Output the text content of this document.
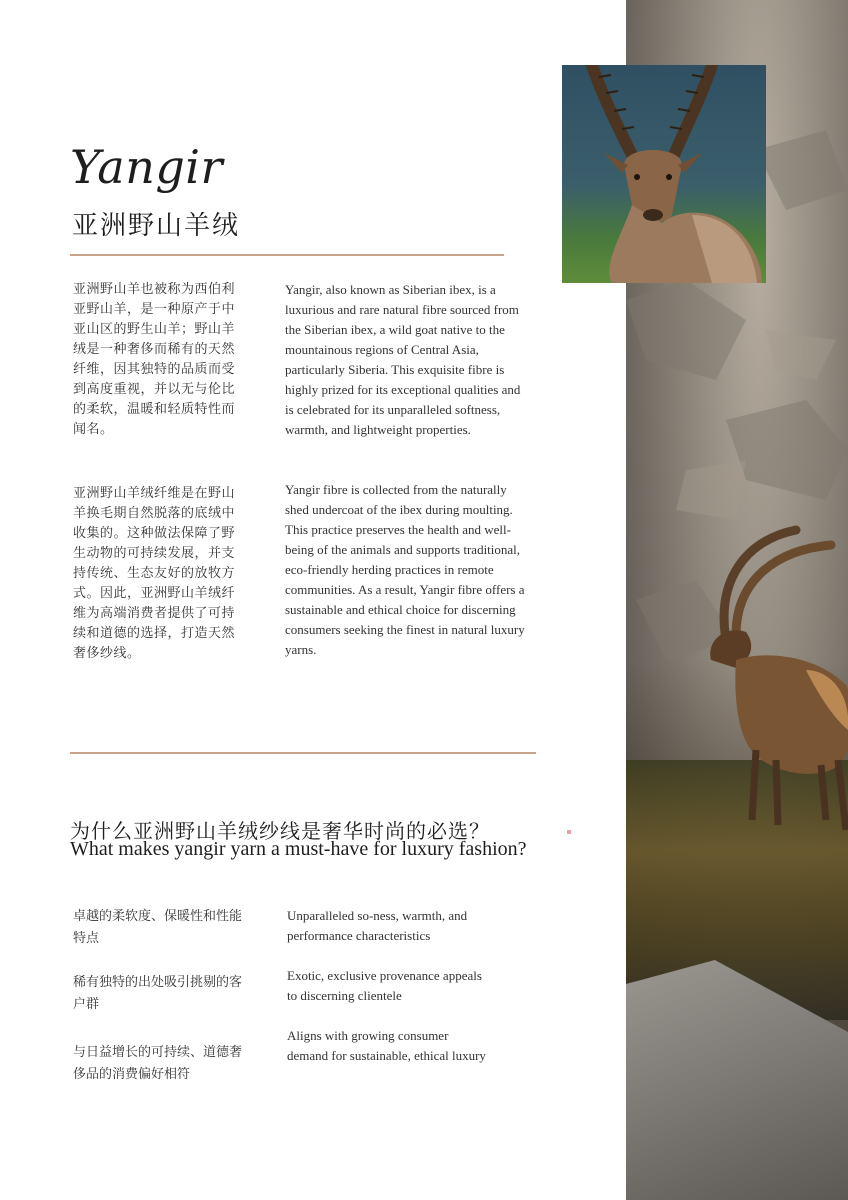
Yangir
亚洲野山羊绒

亚洲野山羊也被称为西伯利亚野山羊，是一种原产于中亚山区的野生山羊；野山羊绒是一种奢侈而稀有的天然纤维，因其独特的品质而受到高度重视，并以无与伦比的柔软，温暖和轻质特性而闻名。

亚洲野山羊绒纤维是在野山羊换毛期自然脱落的底绒中收集的。这种做法保障了野生动物的可持续发展，并支持传统、生态友好的放牧方式。因此，亚洲野山羊绒纤维为高端消费者提供了可持续和道德的选择，打造天然奢侈纱线。

Yangir, also known as Siberian ibex, is a luxurious and rare natural fibre sourced from the Siberian ibex, a wild goat native to the mountainous regions of Central Asia, particularly Siberia. This exquisite fibre is highly prized for its exceptional qualities and is celebrated for its unparalleled softness, warmth, and lightweight properties.

Yangir fibre is collected from the naturally shed undercoat of the ibex during moulting. This practice preserves the health and well-being of the animals and supports traditional, eco-friendly herding practices in remote communities. As a result, Yangir fibre offers a sustainable and ethical choice for discerning consumers seeking the finest in natural luxury yarns.

为什么亚洲野山羊绒纱线是奢华时尚的必选？
What makes yangir yarn a must-have for luxury fashion?

卓越的柔软度、保暖性和性能特点

稀有独特的出处吸引挑剔的客户群

与日益增长的可持续、道德奢侈品的消费偏好相符

Unparalleled so-ness, warmth, and performance characteristics

Exotic, exclusive provenance appeals to discerning clientele

Aligns with growing consumer demand for sustainable, ethical luxury
